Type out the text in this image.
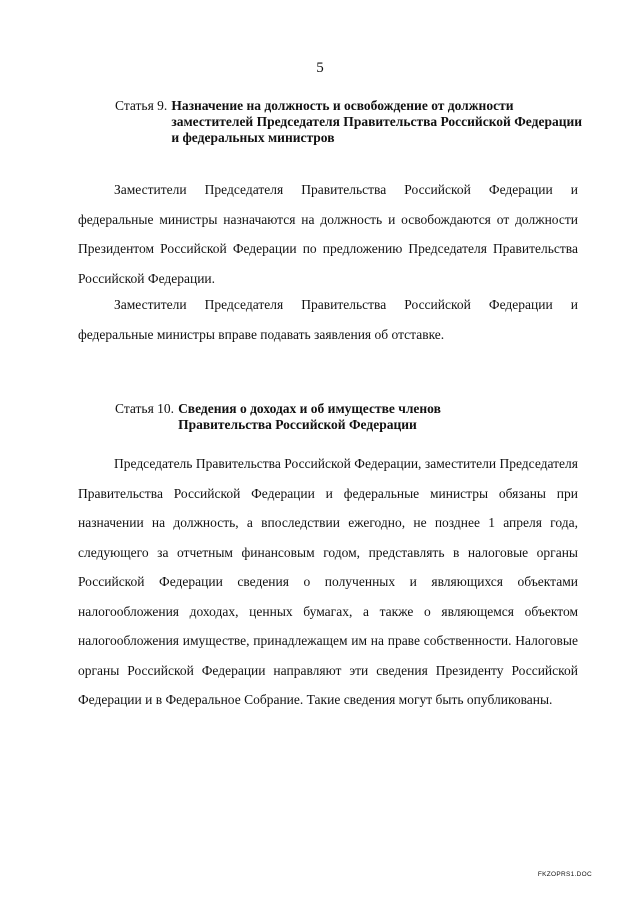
5
Статья 9. Назначение на должность и освобождение от должности
заместителей Председателя Правительства Российской Федерации
и федеральных министров

Заместители Председателя Правительства Российской Федерации и федеральные министры назначаются на должность и освобождаются от должности Президентом Российской Федерации по предложению Председателя Правительства Российской Федерации.

Заместители Председателя Правительства Российской Федерации и федеральные министры вправе подавать заявления об отставке.

Статья 10. Сведения о доходах и об имуществе членов
Правительства Российской Федерации

Председатель Правительства Российской Федерации, заместители Председателя Правительства Российской Федерации и федеральные министры обязаны при назначении на должность, а впоследствии ежегодно, не позднее 1 апреля года, следующего за отчетным финансовым годом, представлять в налоговые органы Российской Федерации сведения о полученных и являющихся объектами налогообложения доходах, ценных бумагах, а также о являющемся объектом налогообложения имуществе, принадлежащем им на праве собственности. Налоговые органы Российской Федерации направляют эти сведения Президенту Российской Федерации и в Федеральное Собрание. Такие сведения могут быть опубликованы.

FKZOPRS1.DOC
